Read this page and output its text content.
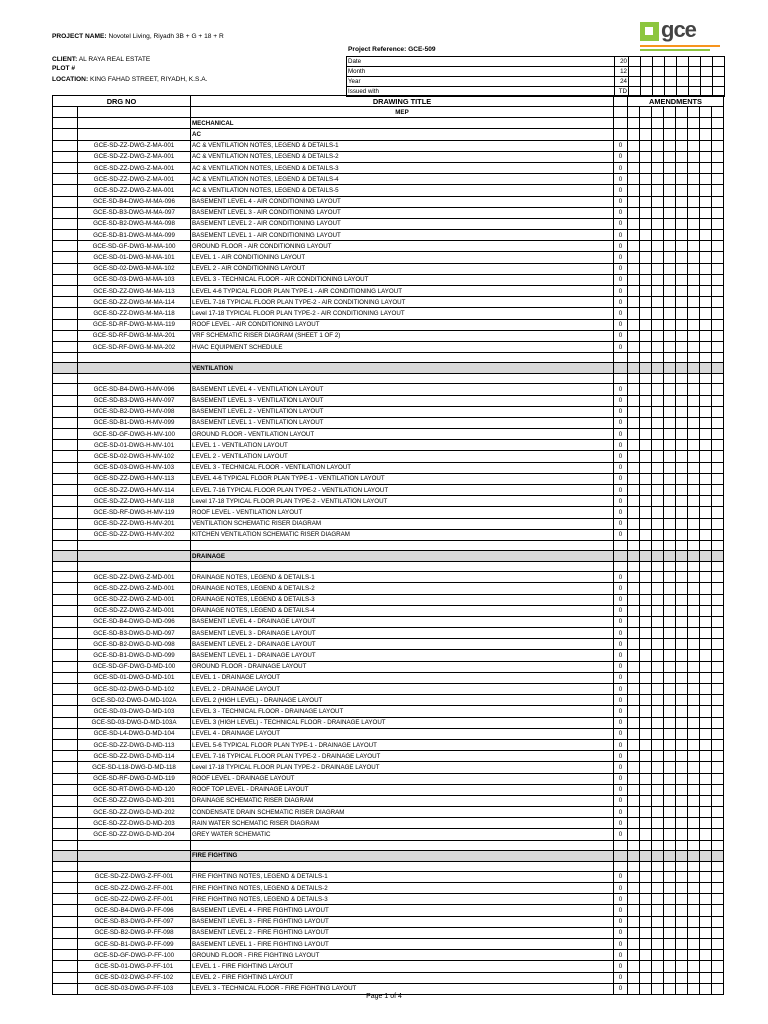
PROJECT NAME: Novotel Living, Riyadh 3B + G + 18 + R
CLIENT: AL RAYA REAL ESTATE
PLOT #
LOCATION: KING FAHAD STREET, RIYADH, K.S.A.
Project Reference: GCE-509
gce
Date	20								
Month	12								
Year	24								
Issued with	TD								
DRG NO		DRAWING TITLE		AMENDMENTS							
		MEP									
		MECHANICAL									
		AC									
	GCE-SD-ZZ-DWG-Z-MA-001	AC & VENTILATION NOTES, LEGEND & DETAILS-1	0								
	GCE-SD-ZZ-DWG-Z-MA-001	AC & VENTILATION NOTES, LEGEND & DETAILS-2	0								
	GCE-SD-ZZ-DWG-Z-MA-001	AC & VENTILATION NOTES, LEGEND & DETAILS-3	0								
	GCE-SD-ZZ-DWG-Z-MA-001	AC & VENTILATION NOTES, LEGEND & DETAILS-4	0								
	GCE-SD-ZZ-DWG-Z-MA-001	AC & VENTILATION NOTES, LEGEND & DETAILS-5	0								
	GCE-SD-B4-DWG-M-MA-096	BASEMENT LEVEL 4 - AIR CONDITIONING LAYOUT	0								
	GCE-SD-B3-DWG-M-MA-097	BASEMENT LEVEL 3 - AIR CONDITIONING LAYOUT	0								
	GCE-SD-B2-DWG-M-MA-098	BASEMENT LEVEL 2 - AIR CONDITIONING LAYOUT	0								
	GCE-SD-B1-DWG-M-MA-099	BASEMENT LEVEL 1 - AIR CONDITIONING LAYOUT	0								
	GCE-SD-GF-DWG-M-MA-100	GROUND FLOOR - AIR CONDITIONING LAYOUT	0								
	GCE-SD-01-DWG-M-MA-101	LEVEL 1 - AIR CONDITIONING LAYOUT	0								
	GCE-SD-02-DWG-M-MA-102	LEVEL 2 - AIR CONDITIONING LAYOUT	0								
	GCE-SD-03-DWG-M-MA-103	LEVEL 3 - TECHNICAL FLOOR - AIR CONDITIONING LAYOUT	0								
	GCE-SD-ZZ-DWG-M-MA-113	LEVEL 4-6 TYPICAL FLOOR PLAN TYPE-1 - AIR CONDITIONING LAYOUT	0								
	GCE-SD-ZZ-DWG-M-MA-114	LEVEL 7-16 TYPICAL FLOOR PLAN TYPE-2 - AIR CONDITIONING LAYOUT	0								
	GCE-SD-ZZ-DWG-M-MA-118	Level 17-18 TYPICAL FLOOR PLAN TYPE-2 - AIR CONDITIONING LAYOUT	0								
	GCE-SD-RF-DWG-M-MA-119	ROOF LEVEL - AIR CONDITIONING LAYOUT	0								
	GCE-SD-RF-DWG-M-MA-201	VRF SCHEMATIC RISER DIAGRAM (SHEET 1 OF 2)	0								
	GCE-SD-RF-DWG-M-MA-202	HVAC EQUIPMENT SCHEDULE	0								

		VENTILATION									

	GCE-SD-B4-DWG-H-MV-096	BASEMENT LEVEL 4 - VENTILATION LAYOUT	0								
	GCE-SD-B3-DWG-H-MV-097	BASEMENT LEVEL 3 - VENTILATION LAYOUT	0								
	GCE-SD-B2-DWG-H-MV-098	BASEMENT LEVEL 2 - VENTILATION LAYOUT	0								
	GCE-SD-B1-DWG-H-MV-099	BASEMENT LEVEL 1 - VENTILATION LAYOUT	0								
	GCE-SD-GF-DWG-H-MV-100	GROUND FLOOR - VENTILATION LAYOUT	0								
	GCE-SD-01-DWG-H-MV-101	LEVEL 1 - VENTILATION LAYOUT	0								
	GCE-SD-02-DWG-H-MV-102	LEVEL 2 - VENTILATION LAYOUT	0								
	GCE-SD-03-DWG-H-MV-103	LEVEL 3 - TECHNICAL FLOOR - VENTILATION LAYOUT	0								
	GCE-SD-ZZ-DWG-H-MV-113	LEVEL 4-6 TYPICAL FLOOR PLAN TYPE-1 - VENTILATION LAYOUT	0								
	GCE-SD-ZZ-DWG-H-MV-114	LEVEL 7-16 TYPICAL FLOOR PLAN TYPE-2 - VENTILATION LAYOUT	0								
	GCE-SD-ZZ-DWG-H-MV-118	Level 17-18 TYPICAL FLOOR PLAN TYPE-2 - VENTILATION LAYOUT	0								
	GCE-SD-RF-DWG-H-MV-119	ROOF LEVEL - VENTILATION LAYOUT	0								
	GCE-SD-ZZ-DWG-H-MV-201	VENTILATION SCHEMATIC RISER DIAGRAM	0								
	GCE-SD-ZZ-DWG-H-MV-202	KITCHEN VENTILATION SCHEMATIC RISER DIAGRAM	0								

		DRAINAGE									

	GCE-SD-ZZ-DWG-Z-MD-001	DRAINAGE NOTES, LEGEND & DETAILS-1	0								
	GCE-SD-ZZ-DWG-Z-MD-001	DRAINAGE NOTES, LEGEND & DETAILS-2	0								
	GCE-SD-ZZ-DWG-Z-MD-001	DRAINAGE NOTES, LEGEND & DETAILS-3	0								
	GCE-SD-ZZ-DWG-Z-MD-001	DRAINAGE NOTES, LEGEND & DETAILS-4	0								
	GCE-SD-B4-DWG-D-MD-096	BASEMENT LEVEL 4 - DRAINAGE LAYOUT	0								
	GCE-SD-B3-DWG-D-MD-097	BASEMENT LEVEL 3 - DRAINAGE LAYOUT	0								
	GCE-SD-B2-DWG-D-MD-098	BASEMENT LEVEL 2 - DRAINAGE LAYOUT	0								
	GCE-SD-B1-DWG-D-MD-099	BASEMENT LEVEL 1 - DRAINAGE LAYOUT	0								
	GCE-SD-GF-DWG-D-MD-100	GROUND FLOOR - DRAINAGE LAYOUT	0								
	GCE-SD-01-DWG-D-MD-101	LEVEL 1 - DRAINAGE LAYOUT	0								
	GCE-SD-02-DWG-D-MD-102	LEVEL 2 - DRAINAGE LAYOUT	0								
	GCE-SD-02-DWG-D-MD-102A	LEVEL 2 (HIGH LEVEL) - DRAINAGE LAYOUT	0								
	GCE-SD-03-DWG-D-MD-103	LEVEL 3 - TECHNICAL FLOOR - DRAINAGE LAYOUT	0								
	GCE-SD-03-DWG-D-MD-103A	LEVEL 3 (HIGH LEVEL) - TECHNICAL FLOOR - DRAINAGE LAYOUT	0								
	GCE-SD-L4-DWG-D-MD-104	LEVEL 4 - DRAINAGE LAYOUT	0								
	GCE-SD-ZZ-DWG-D-MD-113	LEVEL 5-6 TYPICAL FLOOR PLAN TYPE-1 - DRAINAGE LAYOUT	0								
	GCE-SD-ZZ-DWG-D-MD-114	LEVEL 7-16 TYPICAL FLOOR PLAN TYPE-2 - DRAINAGE LAYOUT	0								
	GCE-SD-L18-DWG-D-MD-118	Level 17-18 TYPICAL FLOOR PLAN TYPE-2 - DRAINAGE LAYOUT	0								
	GCE-SD-RF-DWG-D-MD-119	ROOF LEVEL - DRAINAGE LAYOUT	0								
	GCE-SD-RT-DWG-D-MD-120	ROOF TOP LEVEL - DRAINAGE LAYOUT	0								
	GCE-SD-ZZ-DWG-D-MD-201	DRAINAGE SCHEMATIC RISER DIAGRAM	0								
	GCE-SD-ZZ-DWG-D-MD-202	CONDENSATE DRAIN SCHEMATIC RISER DIAGRAM	0								
	GCE-SD-ZZ-DWG-D-MD-203	RAIN WATER SCHEMATIC RISER DIAGRAM	0								
	GCE-SD-ZZ-DWG-D-MD-204	GREY WATER SCHEMATIC	0								

		FIRE FIGHTING									

	GCE-SD-ZZ-DWG-Z-FF-001	FIRE FIGHTING NOTES, LEGEND & DETAILS-1	0								
	GCE-SD-ZZ-DWG-Z-FF-001	FIRE FIGHTING NOTES, LEGEND & DETAILS-2	0								
	GCE-SD-ZZ-DWG-Z-FF-001	FIRE FIGHTING NOTES, LEGEND & DETAILS-3	0								
	GCE-SD-B4-DWG-P-FF-096	BASEMENT LEVEL 4 - FIRE FIGHTING LAYOUT	0								
	GCE-SD-B3-DWG-P-FF-097	BASEMENT LEVEL 3 - FIRE FIGHTING LAYOUT	0								
	GCE-SD-B2-DWG-P-FF-098	BASEMENT LEVEL 2 - FIRE FIGHTING LAYOUT	0								
	GCE-SD-B1-DWG-P-FF-099	BASEMENT LEVEL 1 - FIRE FIGHTING LAYOUT	0								
	GCE-SD-GF-DWG-P-FF-100	GROUND FLOOR - FIRE FIGHTING LAYOUT	0								
	GCE-SD-01-DWG-P-FF-101	LEVEL 1 - FIRE FIGHTING LAYOUT	0								
	GCE-SD-02-DWG-P-FF-102	LEVEL 2 - FIRE FIGHTING LAYOUT	0								
	GCE-SD-03-DWG-P-FF-103	LEVEL 3 - TECHNICAL FLOOR - FIRE FIGHTING LAYOUT	0								
Page 1 of 4
